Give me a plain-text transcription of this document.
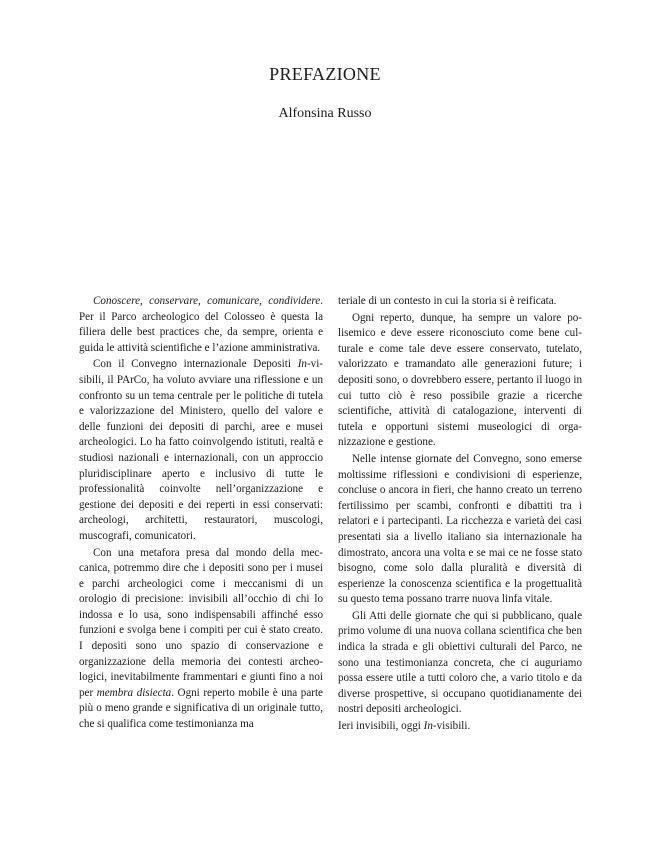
PREFAZIONE
Alfonsina Russo

Conoscere, conservare, comunicare, condividere. Per il Parco archeologico del Colosseo è questa la filiera delle best practices che, da sempre, orienta e guida le attività scientifiche e l’azione amministrativa.

Con il Convegno internazionale Depositi In-visibili, il PArCo, ha voluto avviare una riflessione e un confronto su un tema centrale per le politiche di tutela e valorizzazione del Ministero, quello del valore e delle funzioni dei depositi di parchi, aree e musei archeologici. Lo ha fatto coinvolgendo istituti, realtà e studiosi nazionali e internazionali, con un approccio pluridisciplinare aperto e inclusivo di tutte le professionalità coinvolte nell’organizzazione e gestione dei depositi e dei reperti in essi conservati: archeologi, architetti, restauratori, muscologi, muscografi, comunicatori.

Con una metafora presa dal mondo della meccanica, potremmo dire che i depositi sono per i musei e parchi archeologici come i meccanismi di un orologio di precisione: invisibili all’occhio di chi lo indossa e lo usa, sono indispensabili affinché esso funzioni e svolga bene i compiti per cui è stato creato. I depositi sono uno spazio di conservazione e organizzazione della memoria dei contesti archeologici, inevitabilmente frammentari e giunti fino a noi per membra disiecta. Ogni reperto mobile è una parte più o meno grande e significativa di un originale tutto, che si qualifica come testimonianza ma

teriale di un contesto in cui la storia si è reificata.

Ogni reperto, dunque, ha sempre un valore polisemico e deve essere riconosciuto come bene culturale e come tale deve essere conservato, tutelato, valorizzato e tramandato alle generazioni future; i depositi sono, o dovrebbero essere, pertanto il luogo in cui tutto ciò è reso possibile grazie a ricerche scientifiche, attività di catalogazione, interventi di tutela e opportuni sistemi museologici di organizzazione e gestione.

Nelle intense giornate del Convegno, sono emerse moltissime riflessioni e condivisioni di esperienze, concluse o ancora in fieri, che hanno creato un terreno fertilissimo per scambi, confronti e dibattiti tra i relatori e i partecipanti. La ricchezza e varietà dei casi presentati sia a livello italiano sia internazionale ha dimostrato, ancora una volta e se mai ce ne fosse stato bisogno, come solo dalla pluralità e diversità di esperienze la conoscenza scientifica e la progettualità su questo tema possano trarre nuova linfa vitale.

Gli Atti delle giornate che qui si pubblicano, quale primo volume di una nuova collana scientifica che ben indica la strada e gli obiettivi culturali del Parco, ne sono una testimonianza concreta, che ci auguriamo possa essere utile a tutti coloro che, a vario titolo e da diverse prospettive, si occupano quotidianamente dei nostri depositi archeologici.

Ieri invisibili, oggi In-visibili.
